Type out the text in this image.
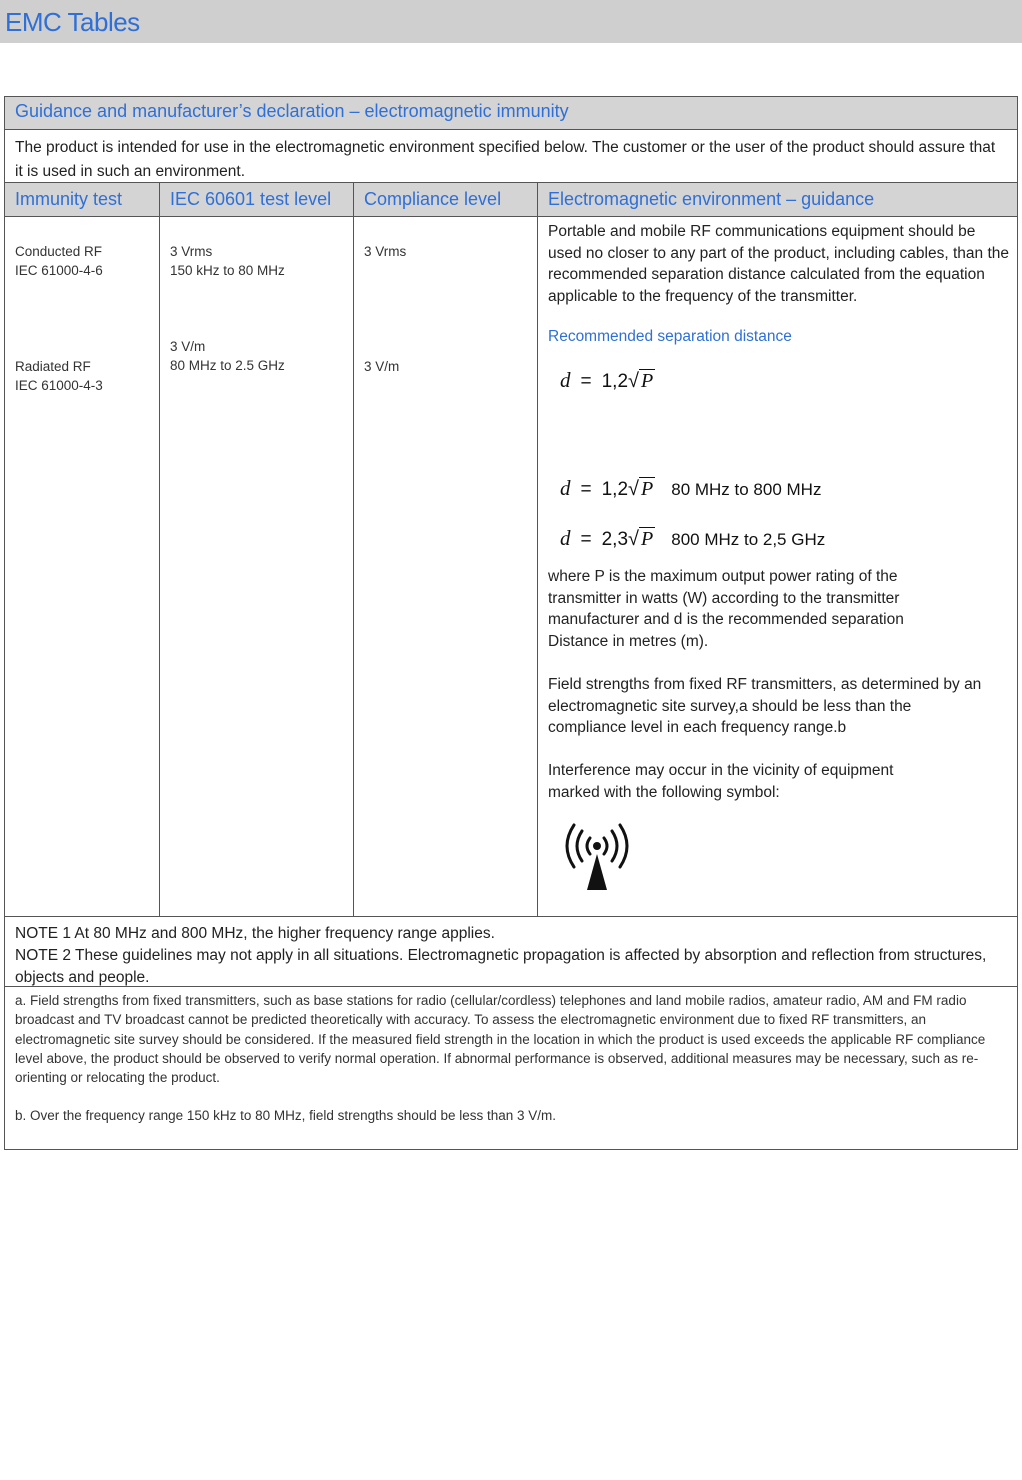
EMC Tables
Guidance and manufacturer’s declaration – electromagnetic immunity

The product is intended for use in the electromagnetic environment specified below. The customer or the user of the product should assure that it is used in such an environment.

Immunity test	IEC 60601 test level Compliance level	Electromagnetic environment – guidance
Conducted RF
IEC 61000-4-6
Radiated RF
IEC 61000-4-3
3 Vrms
150 kHz to 80 MHz
3 V/m
80 MHz to 2.5 GHz
3 Vrms
3 V/m
Portable and mobile RF communications equipment should be used no closer to any part of the product, including cables, than the recommended separation distance calculated from the equation applicable to the frequency of the transmitter.
Recommended separation distance
d = 1,2√ P
d = 1,2√ P 80 MHz to 800 MHz
d = 2,3√ P 800 MHz to 2,5 GHz
where P is the maximum output power rating of the transmitter in watts (W) according to the transmitter manufacturer and d is the recommended separation Distance in metres (m).
Field strengths from fixed RF transmitters, as determined by an electromagnetic site survey,a should be less than the compliance level in each frequency range.b
Interference may occur in the vicinity of equipment marked with the following symbol:

NOTE 1 At 80 MHz and 800 MHz, the higher frequency range applies.

NOTE 2 These guidelines may not apply in all situations. Electromagnetic propagation is affected by absorption and reflection from structures, objects and people.

a. Field strengths from fixed transmitters, such as base stations for radio (cellular/cordless) telephones and land mobile radios, amateur radio, AM and FM radio broadcast and TV broadcast cannot be predicted theoretically with accuracy. To assess the electromagnetic environment due to fixed RF transmitters, an electromagnetic site survey should be considered. If the measured field strength in the location in which the product is used exceeds the applicable RF compliance level above, the product should be observed to verify normal operation. If abnormal performance is observed, additional measures may be necessary, such as re-orienting or relocating the product.

b. Over the frequency range 150 kHz to 80 MHz, field strengths should be less than 3 V/m.
